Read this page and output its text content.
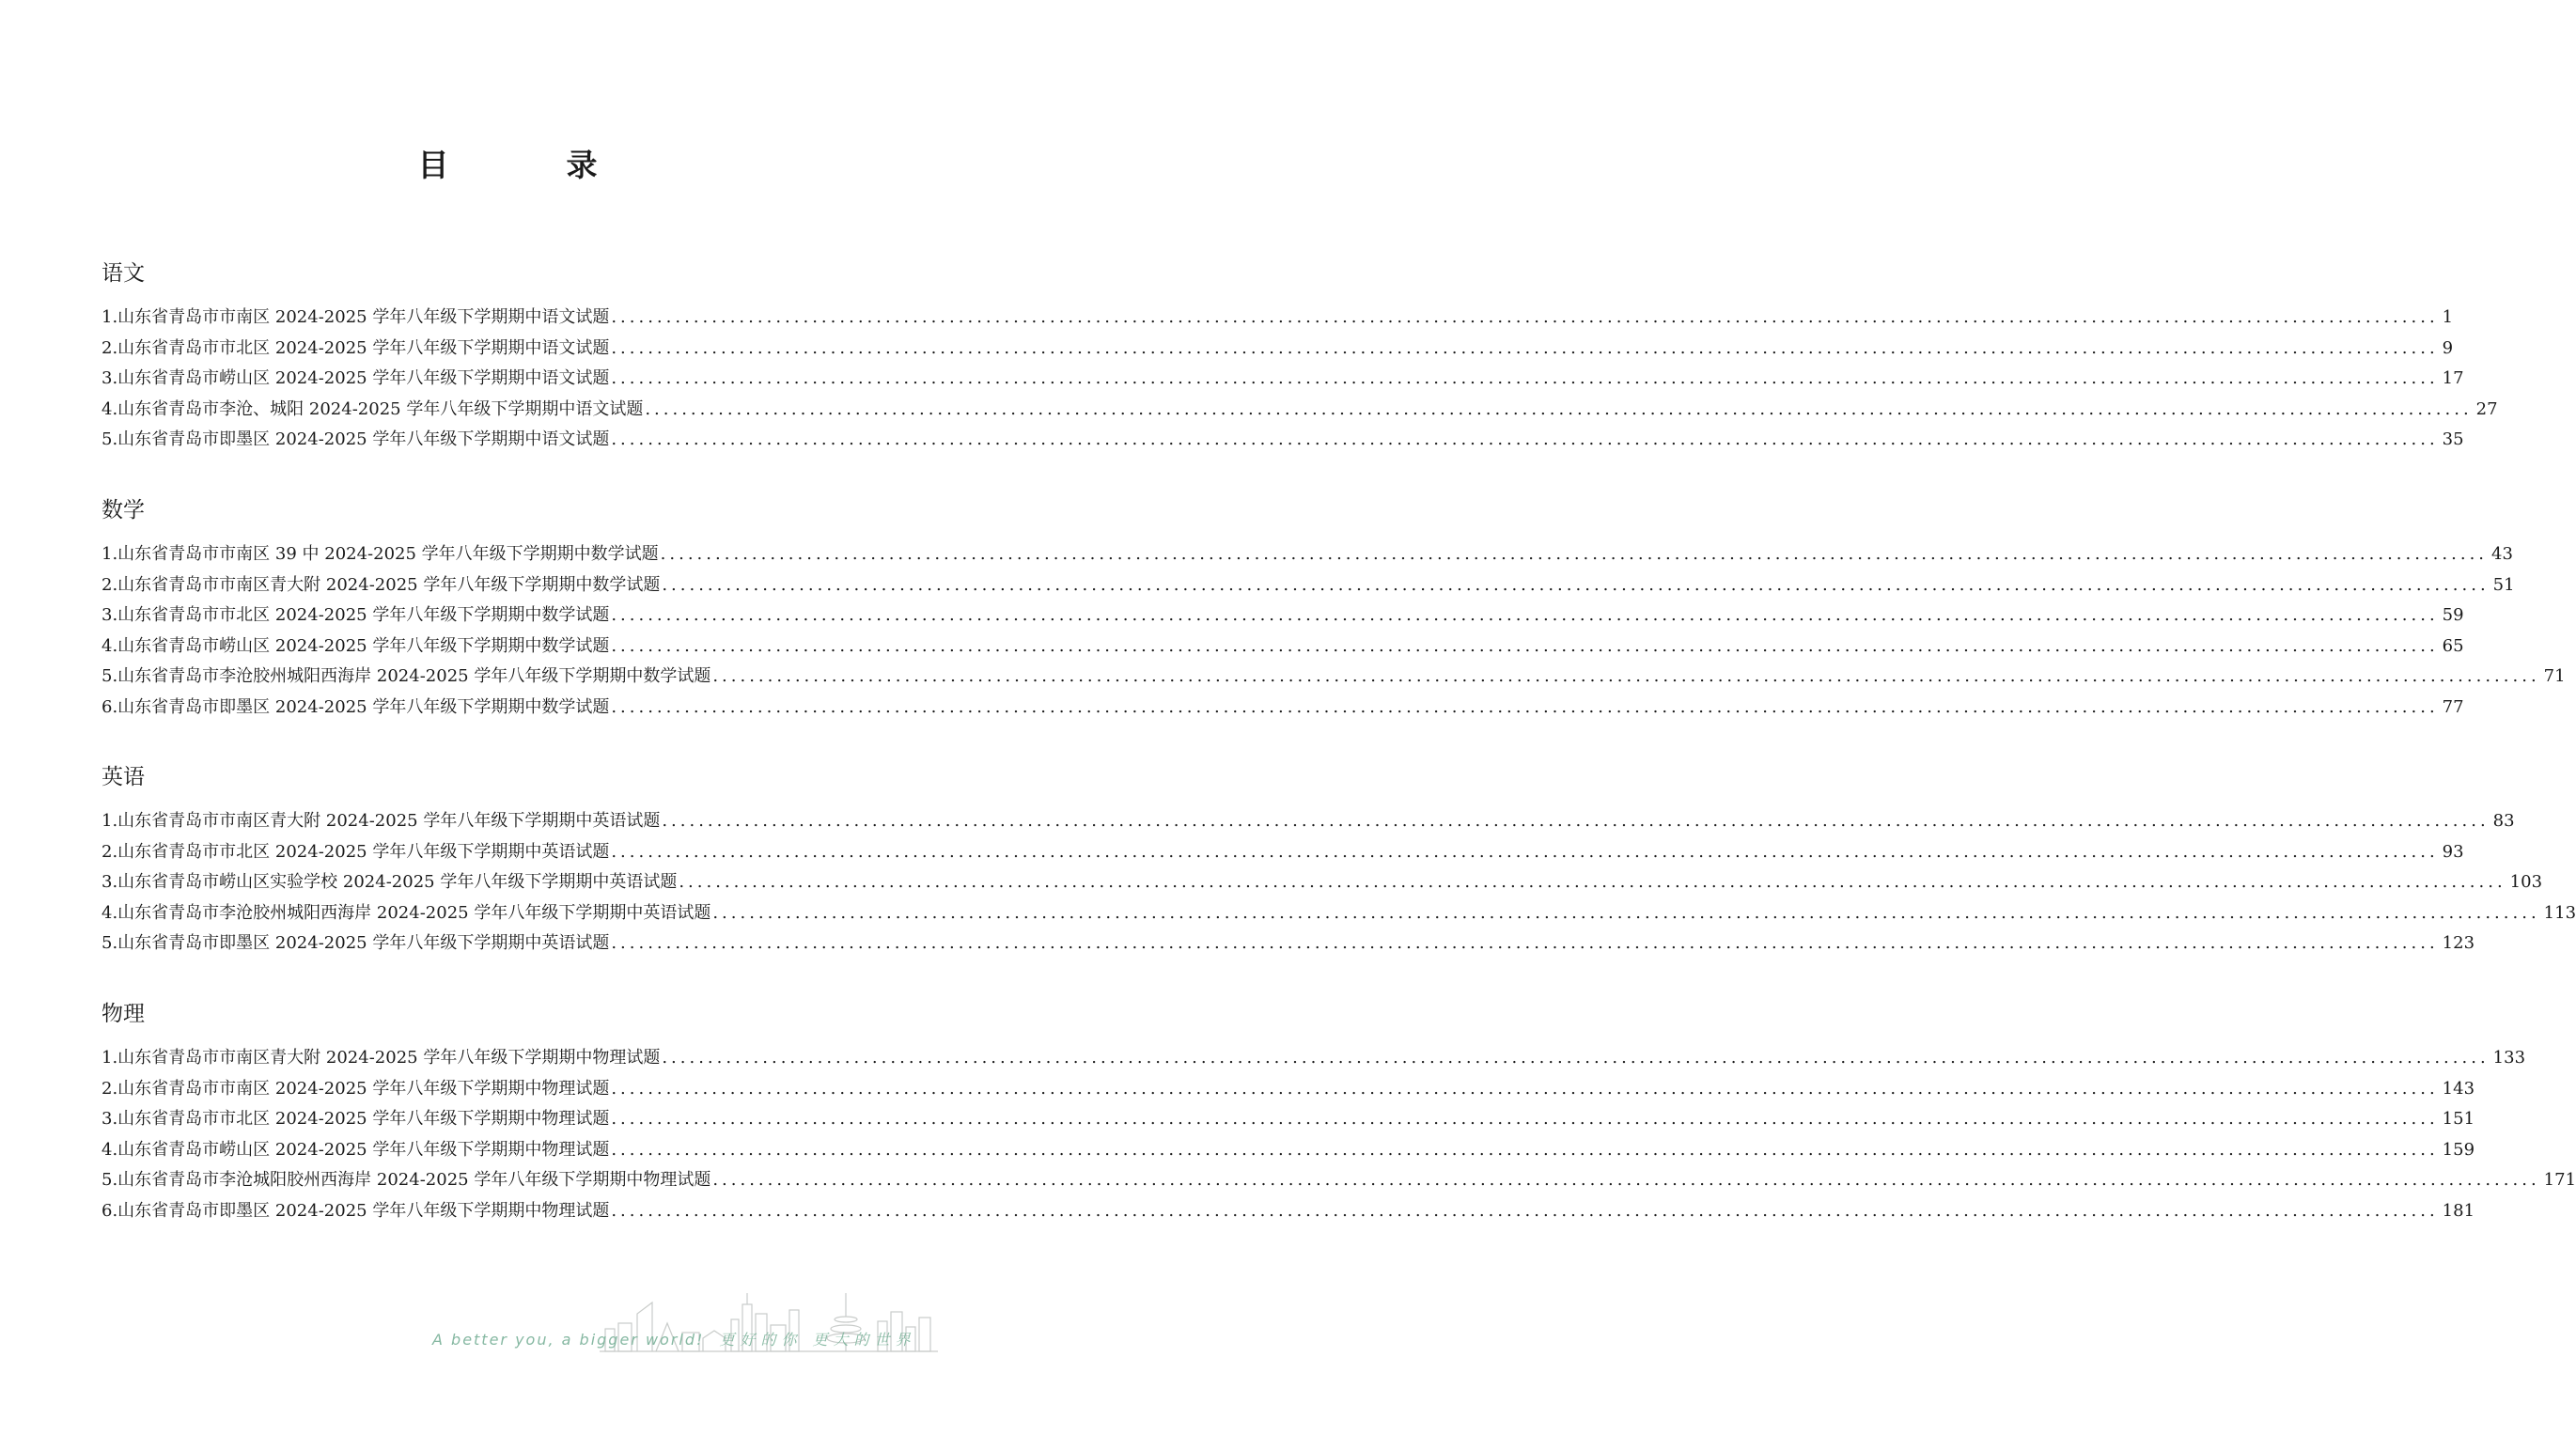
目　录
语文
1.山东省青岛市市南区 2024-2025 学年八年级下学期期中语文试题 ........................................................................................................................................................................................................ 1
2.山东省青岛市市北区 2024-2025 学年八年级下学期期中语文试题 ........................................................................................................................................................................................................ 9
3.山东省青岛市崂山区 2024-2025 学年八年级下学期期中语文试题 ........................................................................................................................................................................................................ 17
4.山东省青岛市李沧、城阳 2024-2025 学年八年级下学期期中语文试题 ........................................................................................................................................................................................................ 27
5.山东省青岛市即墨区 2024-2025 学年八年级下学期期中语文试题 ........................................................................................................................................................................................................ 35
数学
1.山东省青岛市市南区 39 中 2024-2025 学年八年级下学期期中数学试题 ........................................................................................................................................................................................................ 43
2.山东省青岛市市南区青大附 2024-2025 学年八年级下学期期中数学试题 ........................................................................................................................................................................................................ 51
3.山东省青岛市市北区 2024-2025 学年八年级下学期期中数学试题 ........................................................................................................................................................................................................ 59
4.山东省青岛市崂山区 2024-2025 学年八年级下学期期中数学试题 ........................................................................................................................................................................................................ 65
5.山东省青岛市李沧胶州城阳西海岸 2024-2025 学年八年级下学期期中数学试题 ........................................................................................................................................................................................................ 71
6.山东省青岛市即墨区 2024-2025 学年八年级下学期期中数学试题 ........................................................................................................................................................................................................ 77
英语
1.山东省青岛市市南区青大附 2024-2025 学年八年级下学期期中英语试题 ........................................................................................................................................................................................................ 83
2.山东省青岛市市北区 2024-2025 学年八年级下学期期中英语试题 ........................................................................................................................................................................................................ 93
3.山东省青岛市崂山区实验学校 2024-2025 学年八年级下学期期中英语试题 ........................................................................................................................................................................................................ 103
4.山东省青岛市李沧胶州城阳西海岸 2024-2025 学年八年级下学期期中英语试题 ........................................................................................................................................................................................................ 113
5.山东省青岛市即墨区 2024-2025 学年八年级下学期期中英语试题 ........................................................................................................................................................................................................ 123
物理
1.山东省青岛市市南区青大附 2024-2025 学年八年级下学期期中物理试题 ........................................................................................................................................................................................................ 133
2.山东省青岛市市南区 2024-2025 学年八年级下学期期中物理试题 ........................................................................................................................................................................................................ 143
3.山东省青岛市市北区 2024-2025 学年八年级下学期期中物理试题 ........................................................................................................................................................................................................ 151
4.山东省青岛市崂山区 2024-2025 学年八年级下学期期中物理试题 ........................................................................................................................................................................................................ 159
5.山东省青岛市李沧城阳胶州西海岸 2024-2025 学年八年级下学期期中物理试题 ........................................................................................................................................................................................................ 171
6.山东省青岛市即墨区 2024-2025 学年八年级下学期期中物理试题 ........................................................................................................................................................................................................ 181
A better you, a bigger world! 更好的你 更大的世界
